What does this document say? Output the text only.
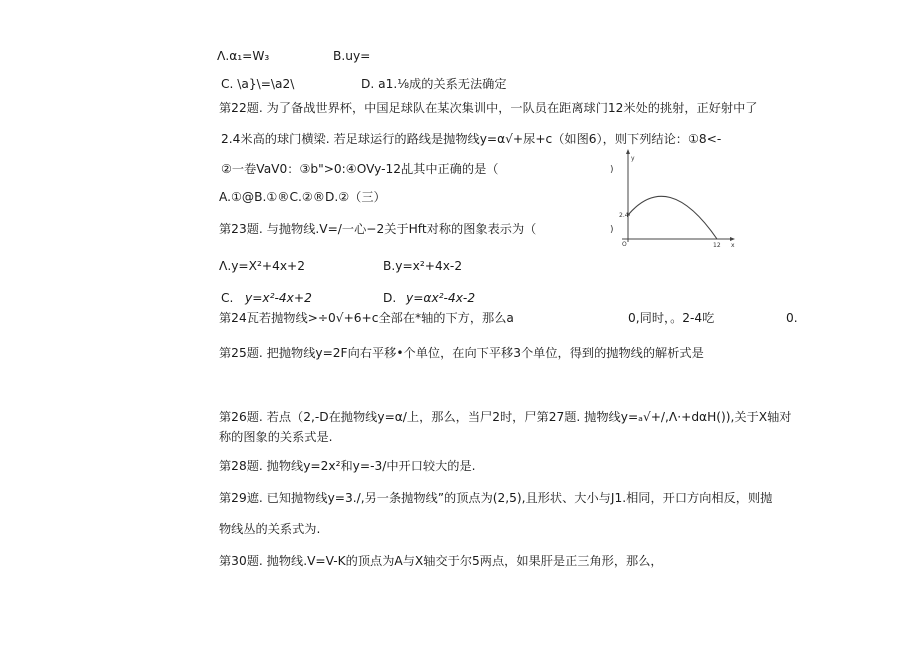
Λ.α₁=W₃	B.uy=
C. \a}\=\a2\	D. a1.⅛成的关系无法确定
第22题. 为了备战世界杯，中国足球队在某次集训中，一队员在距离球门12米处的挑射，正好射中了
2.4米高的球门横梁. 若足球运行的路线是抛物线y=α√+尿+c（如图6），则下列结论：①8<-
②一卷VaV0：③b">0:④OVy-12乩其中正确的是（
A.①@B.①®C.②®D.②（三）
第23题. 与抛物线.V=/一心−2关于Hft对称的图象表示为（
Λ.y=X²+4x+2	B.y=x²+4x-2
C. y=x²-4x+2	D. y=αx²-4x-2
第24瓦若抛物线>÷0√+6+c全部在*轴的下方，那么a	0,同时，。2-4吃	0.
第25题. 把抛物线y=2F向右平移•个单位，在向下平移3个单位，得到的抛物线的解析式是
第26题. 若点（2,-D在抛物线y=α/上，那么，当尸2时，尸第27题. 抛物线y=ₐ√+/,Λ·+dαH()),关于X轴对
称的图象的关系式是.
第28题. 抛物线y=2x²和y=-3/中开口较大的是.
第29遮. 已知抛物线y=3./,另一条抛物线”的顶点为(2,5),且形状、大小与J1.相同，开口方向相反，则抛
物线丛的关系式为.
第30题. 抛物线.V=V-K的顶点为A与X轴交于尔5两点，如果肝是正三角形，那么，
)
)
y
x
O
2.4
12
